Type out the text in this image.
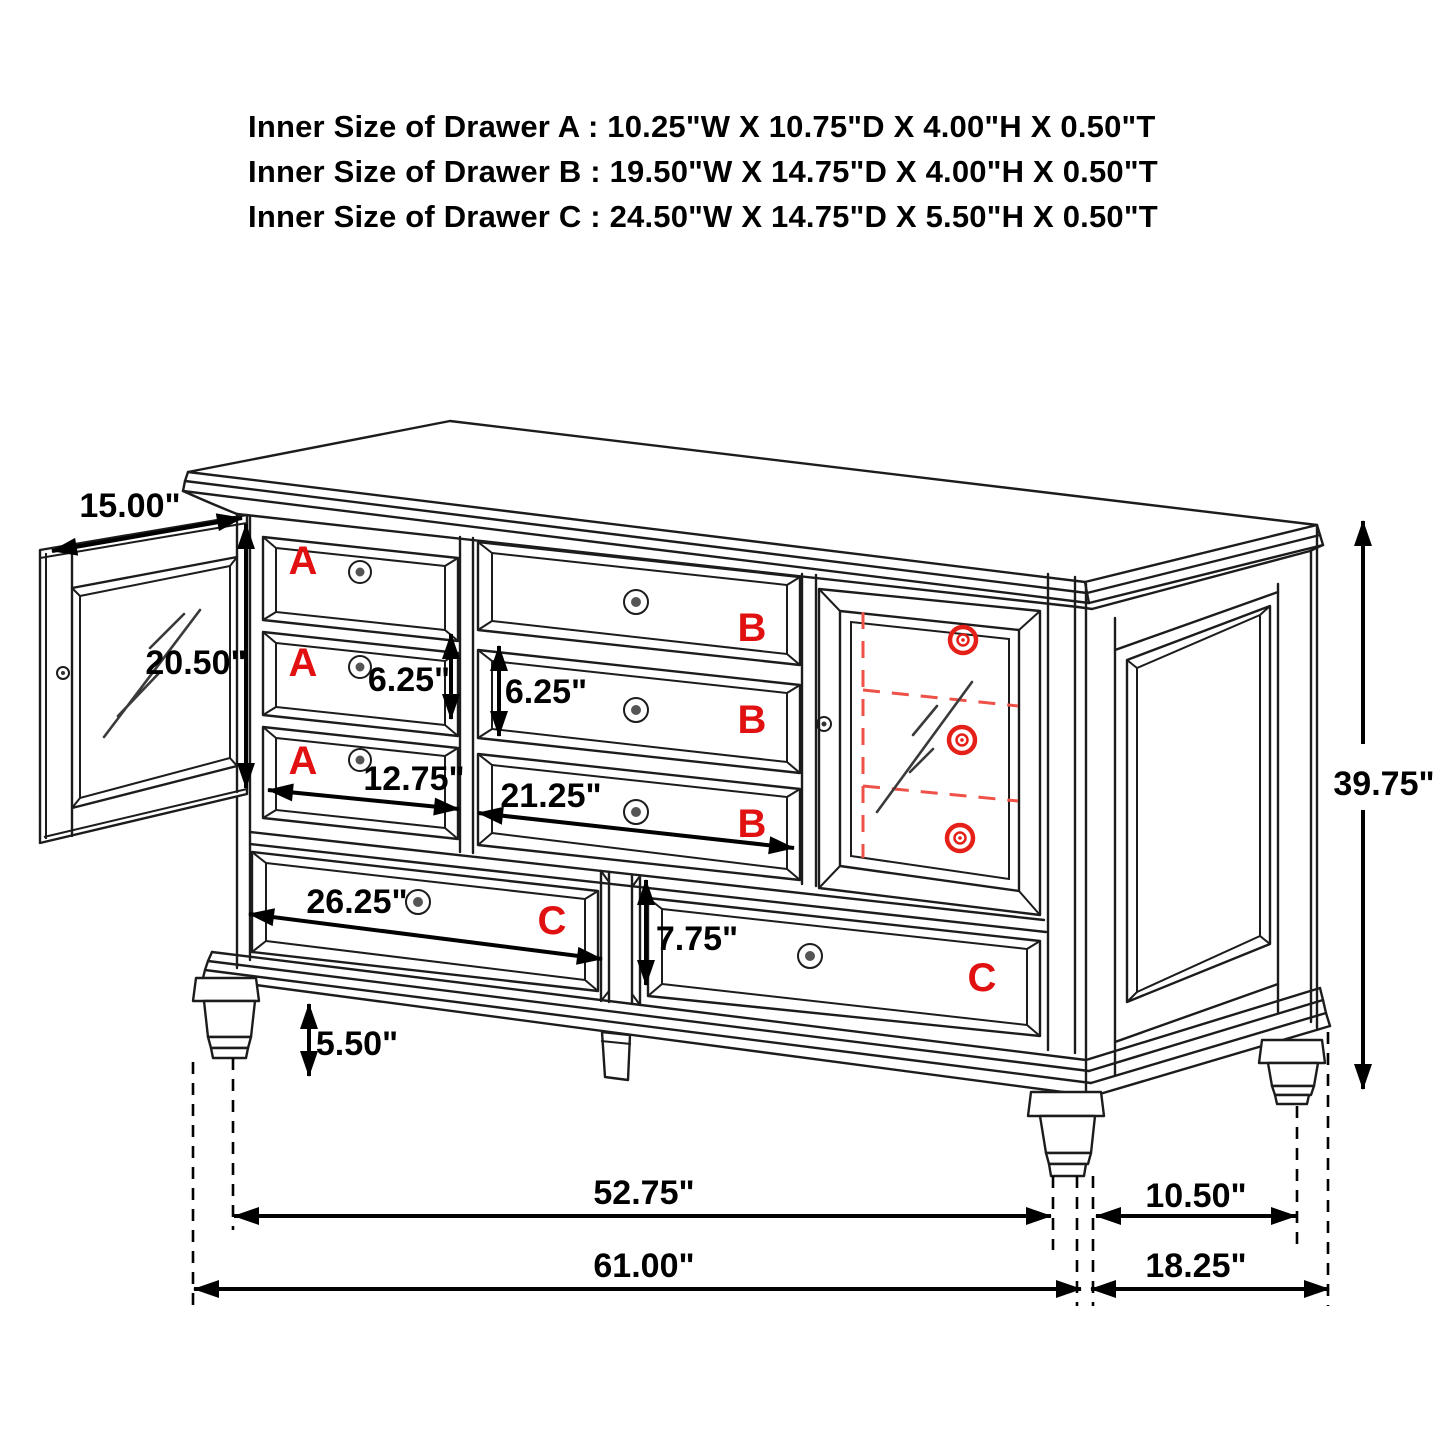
Inner Size of Drawer A : 10.25"W X 10.75"D X 4.00"H X 0.50"T
Inner Size of Drawer B : 19.50"W X 14.75"D X 4.00"H X 0.50"T
Inner Size of Drawer C : 24.50"W X 14.75"D X 5.50"H X 0.50"T
15.00"
20.50"	6.25" 6.25"
12.75" 21.25"
26.25"
7.75"
5.50"
39.75"
52.75"	10.50"
61.00"	18.25"
A
A
A
B
B
B
C
C
